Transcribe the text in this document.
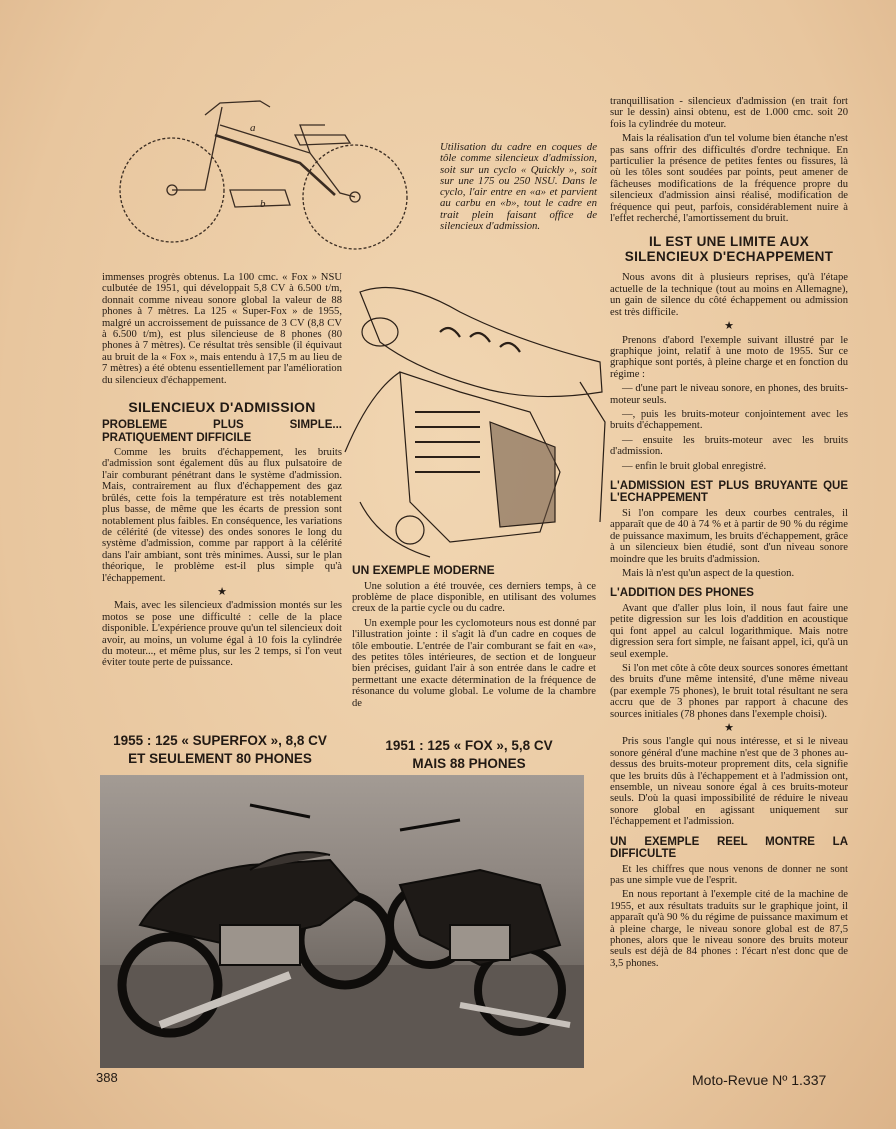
a
b
Utilisation du cadre en coques de tôle comme silencieux d'admission, soit sur un cyclo « Quickly », soit sur une 175 ou 250 NSU. Dans le cyclo, l'air entre en «a» et parvient au carbu en «b», tout le cadre en trait plein faisant office de silencieux d'admission.

immenses progrès obtenus. La 100 cmc. « Fox » NSU culbutée de 1951, qui développait 5,8 CV à 6.500 t/m, donnait comme niveau sonore global la valeur de 88 phones à 7 mètres. La 125 « Super-Fox » de 1955, malgré un accroissement de puissance de 3 CV (8,8 CV à 6.500 t/m), est plus silencieuse de 8 phones (80 phones à 7 mètres). Ce résultat très sensible (il équivaut au bruit de la « Fox », mais entendu à 17,5 m au lieu de 7 mètres) a été obtenu essentiellement par l'amélioration du silencieux d'échappement.

SILENCIEUX D'ADMISSION
PROBLEME PLUS SIMPLE... PRATIQUEMENT DIFFICILE

Comme les bruits d'échappement, les bruits d'admission sont également dûs au flux pulsatoire de l'air comburant pénétrant dans le système d'admission. Mais, contrairement au flux d'échappement des gaz brûlés, cette fois la température est très notablement plus basse, de même que les écarts de pression sont notablement plus faibles. En conséquence, les variations de célérité (de vitesse) des ondes sonores le long du système d'admission, comme par rapport à la célérité dans l'air ambiant, sont très minimes. Aussi, sur le plan théorique, le problème est-il plus simple qu'à l'échappement.

★

Mais, avec les silencieux d'admission montés sur les motos se pose une difficulté : celle de la place disponible. L'expérience prouve qu'un tel silencieux doit avoir, au moins, un volume égal à 10 fois la cylindrée du moteur..., et même plus, sur les 2 temps, si l'on veut éviter toute perte de puissance.

UN EXEMPLE MODERNE

Une solution a été trouvée, ces derniers temps, à ce problème de place disponible, en utilisant des volumes creux de la partie cycle ou du cadre.

Un exemple pour les cyclomoteurs nous est donné par l'illustration jointe : il s'agit là d'un cadre en coques de tôle emboutie. L'entrée de l'air comburant se fait en «a», des petites tôles intérieures, de section et de longueur bien précises, guidant l'air à son entrée dans le cadre et permettant une exacte détermination de la fréquence de résonance du volume global. Le volume de la chambre de

1955 : 125 « SUPERFOX », 8,8 CV
ET SEULEMENT 80 PHONES
1951 : 125 « FOX », 5,8 CV
MAIS 88 PHONES

tranquillisation - silencieux d'admission (en trait fort sur le dessin) ainsi obtenu, est de 1.000 cmc. soit 20 fois la cylindrée du moteur.

Mais la réalisation d'un tel volume bien étanche n'est pas sans offrir des difficultés d'ordre technique. En particulier la présence de petites fentes ou fissures, là où les tôles sont soudées par points, peut amener de fâcheuses modifications de la fréquence propre du silencieux d'admission ainsi réalisé, modification de fréquence qui peut, parfois, considérablement nuire à l'effet recherché, l'amortissement du bruit.

IL EST UNE LIMITE AUX SILENCIEUX D'ECHAPPEMENT

Nous avons dit à plusieurs reprises, qu'à l'étape actuelle de la technique (tout au moins en Allemagne), un gain de silence du côté échappement ou admission est très difficile.

★

Prenons d'abord l'exemple suivant illustré par le graphique joint, relatif à une moto de 1955. Sur ce graphique sont portés, à pleine charge et en fonction du régime :

— d'une part le niveau sonore, en phones, des bruits-moteur seuls.

—, puis les bruits-moteur conjointement avec les bruits d'échappement.

— ensuite les bruits-moteur avec les bruits d'admission.

— enfin le bruit global enregistré.

L'ADMISSION EST PLUS BRUYANTE QUE L'ECHAPPEMENT

Si l'on compare les deux courbes centrales, il apparaît que de 40 à 74 % et à partir de 90 % du régime de puissance maximum, les bruits d'échappement, grâce à un silencieux bien étudié, sont d'un niveau sonore moindre que les bruits d'admission.

Mais là n'est qu'un aspect de la question.

L'ADDITION DES PHONES

Avant que d'aller plus loin, il nous faut faire une petite digression sur les lois d'addition en acoustique qui font appel au calcul logarithmique. Mais notre digression sera fort simple, ne faisant appel, ici, qu'à un seul exemple.

Si l'on met côte à côte deux sources sonores émettant des bruits d'une même intensité, d'une même niveau (par exemple 75 phones), le bruit total résultant ne sera accru que de 3 phones par rapport à chacune des sources initiales (78 phones dans l'exemple choisi).

★

Pris sous l'angle qui nous intéresse, et si le niveau sonore général d'une machine n'est que de 3 phones au-dessus des bruits-moteur proprement dits, cela signifie que les bruits dûs à l'échappement et à l'admission ont, ensemble, un niveau sonore égal à ces bruits-moteur seuls. D'où la quasi impossibilité de réduire le niveau sonore global en agissant uniquement sur l'échappement et l'admission.

UN EXEMPLE REEL MONTRE LA DIFFICULTE

Et les chiffres que nous venons de donner ne sont pas une simple vue de l'esprit.

En nous reportant à l'exemple cité de la machine de 1955, et aux résultats traduits sur le graphique joint, il apparaît qu'à 90 % du régime de puissance maximum et à pleine charge, le niveau sonore global est de 87,5 phones, alors que le niveau sonore des bruits moteur seuls est déjà de 84 phones : l'écart n'est donc que de 3,5 phones.

388	Moto-Revue Nº 1.337
